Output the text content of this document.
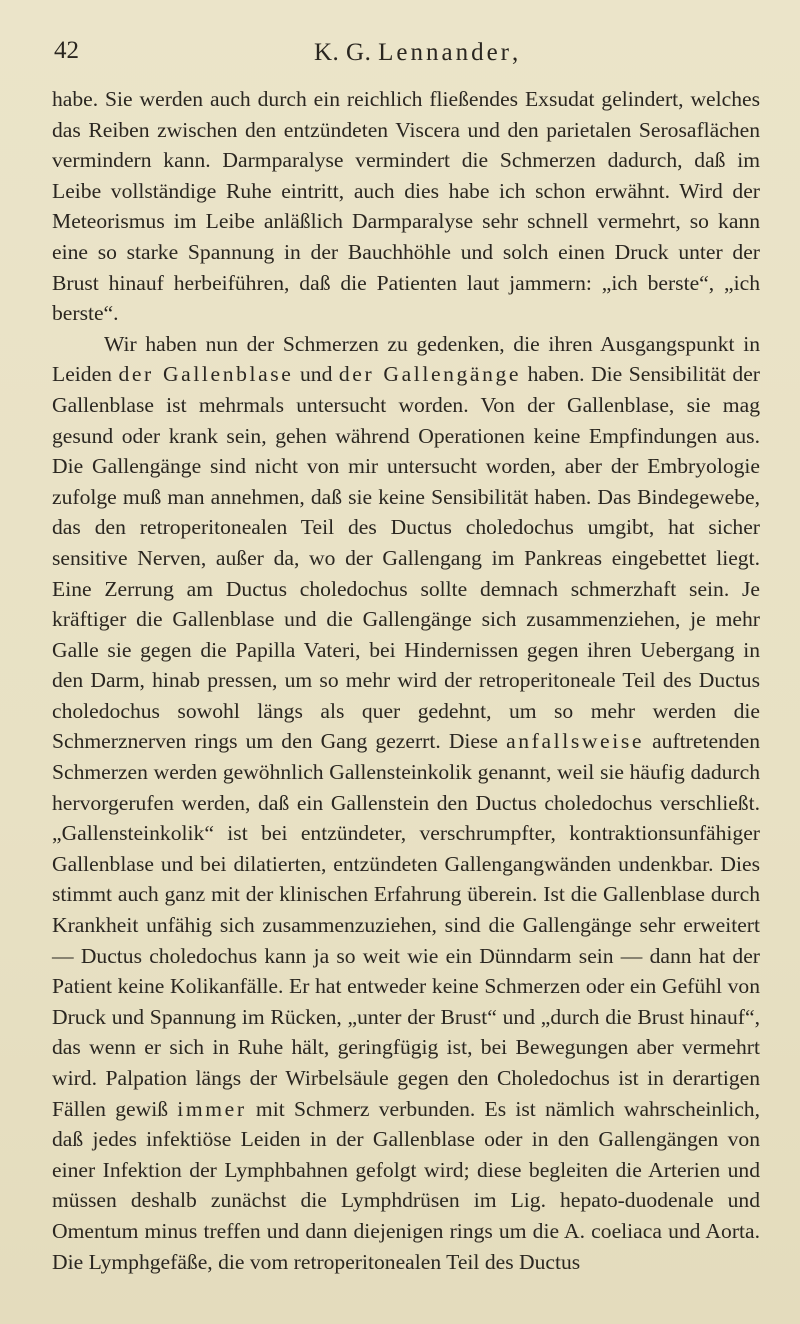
42	K. G. Lennander,

habe. Sie werden auch durch ein reichlich fließendes Exsudat gelindert, welches das Reiben zwischen den entzündeten Viscera und den parietalen Serosaflächen vermindern kann. Darmparalyse vermindert die Schmerzen dadurch, daß im Leibe vollständige Ruhe eintritt, auch dies habe ich schon erwähnt. Wird der Meteorismus im Leibe anläßlich Darmparalyse sehr schnell vermehrt, so kann eine so starke Spannung in der Bauchhöhle und solch einen Druck unter der Brust hinauf herbeiführen, daß die Patienten laut jammern: „ich berste“, „ich berste“.

Wir haben nun der Schmerzen zu gedenken, die ihren Ausgangspunkt in Leiden der Gallenblase und der Gallengänge haben. Die Sensibilität der Gallenblase ist mehrmals untersucht worden. Von der Gallenblase, sie mag gesund oder krank sein, gehen während Operationen keine Empfindungen aus. Die Gallengänge sind nicht von mir untersucht worden, aber der Embryologie zufolge muß man annehmen, daß sie keine Sensibilität haben. Das Bindegewebe, das den retroperitonealen Teil des Ductus choledochus umgibt, hat sicher sensitive Nerven, außer da, wo der Gallengang im Pankreas eingebettet liegt. Eine Zerrung am Ductus choledochus sollte demnach schmerzhaft sein. Je kräftiger die Gallenblase und die Gallengänge sich zusammenziehen, je mehr Galle sie gegen die Papilla Vateri, bei Hindernissen gegen ihren Uebergang in den Darm, hinab pressen, um so mehr wird der retroperitoneale Teil des Ductus choledochus sowohl längs als quer gedehnt, um so mehr werden die Schmerznerven rings um den Gang gezerrt. Diese anfallsweise auftretenden Schmerzen werden gewöhnlich Gallensteinkolik genannt, weil sie häufig dadurch hervorgerufen werden, daß ein Gallenstein den Ductus choledochus verschließt. „Gallensteinkolik“ ist bei entzündeter, verschrumpfter, kontraktionsunfähiger Gallenblase und bei dilatierten, entzündeten Gallengangwänden undenkbar. Dies stimmt auch ganz mit der klinischen Erfahrung überein. Ist die Gallenblase durch Krankheit unfähig sich zusammenzuziehen, sind die Gallengänge sehr erweitert — Ductus choledochus kann ja so weit wie ein Dünndarm sein — dann hat der Patient keine Kolikanfälle. Er hat entweder keine Schmerzen oder ein Gefühl von Druck und Spannung im Rücken, „unter der Brust“ und „durch die Brust hinauf“, das wenn er sich in Ruhe hält, geringfügig ist, bei Bewegungen aber vermehrt wird. Palpation längs der Wirbelsäule gegen den Choledochus ist in derartigen Fällen gewiß immer mit Schmerz verbunden. Es ist nämlich wahrscheinlich, daß jedes infektiöse Leiden in der Gallenblase oder in den Gallengängen von einer Infektion der Lymphbahnen gefolgt wird; diese begleiten die Arterien und müssen deshalb zunächst die Lymphdrüsen im Lig. hepato-duodenale und Omentum minus treffen und dann diejenigen rings um die A. coeliaca und Aorta. Die Lymphgefäße, die vom retroperitonealen Teil des Ductus
